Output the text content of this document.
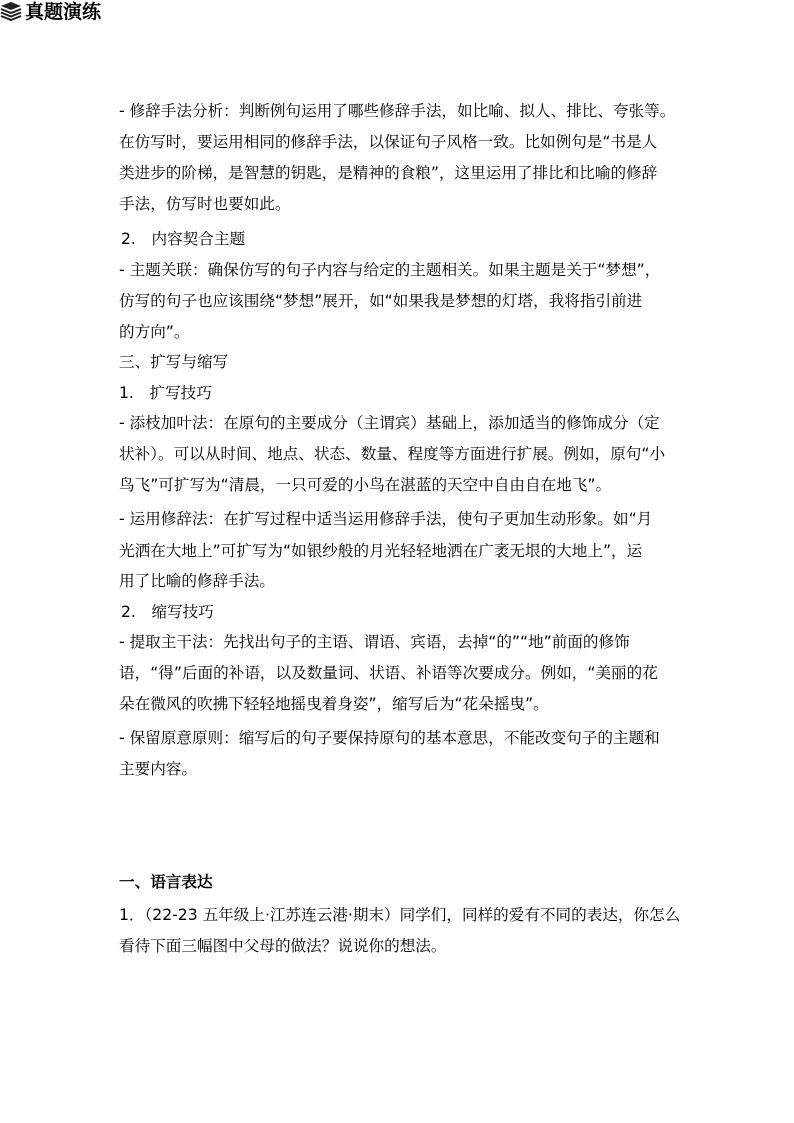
- 修辞手法分析：判断例句运用了哪些修辞手法，如比喻、拟人、排比、夸张等。
在仿写时，要运用相同的修辞手法，以保证句子风格一致。比如例句是“书是人
类进步的阶梯，是智慧的钥匙，是精神的食粮”，这里运用了排比和比喻的修辞
手法，仿写时也要如此。
2.　内容契合主题
- 主题关联：确保仿写的句子内容与给定的主题相关。如果主题是关于“梦想”，
仿写的句子也应该围绕“梦想”展开，如“如果我是梦想的灯塔，我将指引前进
的方向”。
三、扩写与缩写
1.　扩写技巧
- 添枝加叶法：在原句的主要成分（主谓宾）基础上，添加适当的修饰成分（定
状补）。可以从时间、地点、状态、数量、程度等方面进行扩展。例如，原句“小
鸟飞”可扩写为“清晨，一只可爱的小鸟在湛蓝的天空中自由自在地飞”。
- 运用修辞法：在扩写过程中适当运用修辞手法，使句子更加生动形象。如“月
光洒在大地上”可扩写为“如银纱般的月光轻轻地洒在广袤无垠的大地上”，运
用了比喻的修辞手法。
2.　缩写技巧
- 提取主干法：先找出句子的主语、谓语、宾语，去掉“的”“地”前面的修饰
语，“得”后面的补语，以及数量词、状语、补语等次要成分。例如，“美丽的花
朵在微风的吹拂下轻轻地摇曳着身姿”，缩写后为“花朵摇曳”。
- 保留原意原则：缩写后的句子要保持原句的基本意思，不能改变句子的主题和
主要内容。
真题演练
一、语言表达
1．（22-23 五年级上·江苏连云港·期末）同学们，同样的爱有不同的表达，你怎么
看待下面三幅图中父母的做法？说说你的想法。
